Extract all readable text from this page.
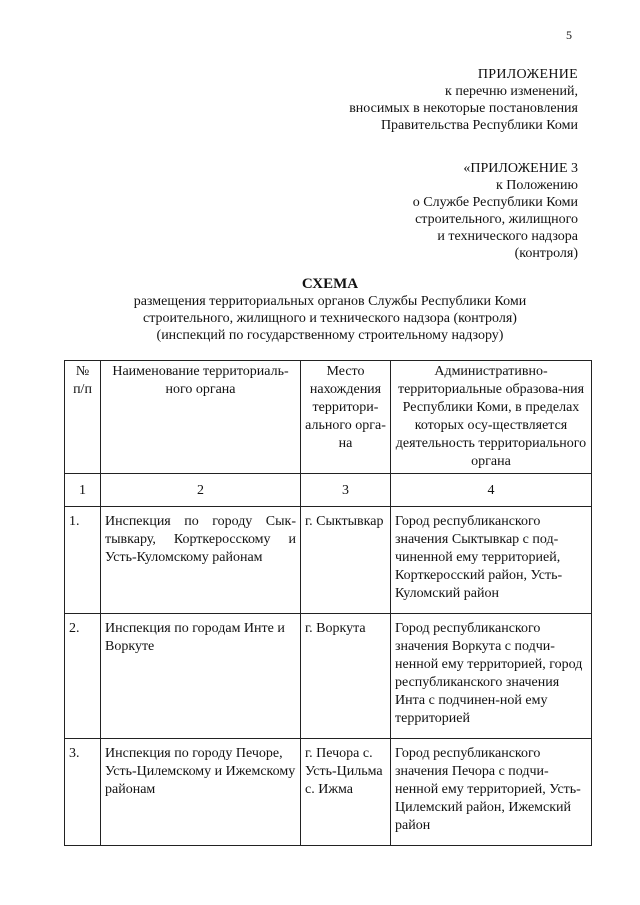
5
ПРИЛОЖЕНИЕ
к перечню изменений,
вносимых в некоторые постановления
Правительства Республики Коми
«ПРИЛОЖЕНИЕ 3
к Положению
о Службе Республики Коми
строительного, жилищного
и технического надзора
(контроля)
СХЕМА
размещения территориальных органов Службы Республики Коми
строительного, жилищного и технического надзора (контроля)
(инспекций по государственному строительному надзору)
№ п/п	Наименование территориаль-ного органа	Место нахождения территори-ального орга-на	Административно-территориальные образова-ния Республики Коми, в пределах которых осу-ществляется деятельность территориального органа
1	2	3	4
1.	Инспекция по городу Сык-тывкару, Корткеросскому и Усть-Куломскому районам	г. Сыктывкар	Город республиканского значения Сыктывкар с под-чиненной ему территорией, Корткеросский район, Усть-Куломский район
2.	Инспекция по городам Инте и Воркуте	г. Воркута	Город республиканского значения Воркута с подчи-ненной ему территорией, город республиканского значения Инта с подчинен-ной ему территорией
3.	Инспекция по городу Печоре, Усть-Цилемскому и Ижемскому районам	г. Печора с. Усть-Цильма с. Ижма	Город республиканского значения Печора с подчи-ненной ему территорией, Усть-Цилемский район, Ижемский район
